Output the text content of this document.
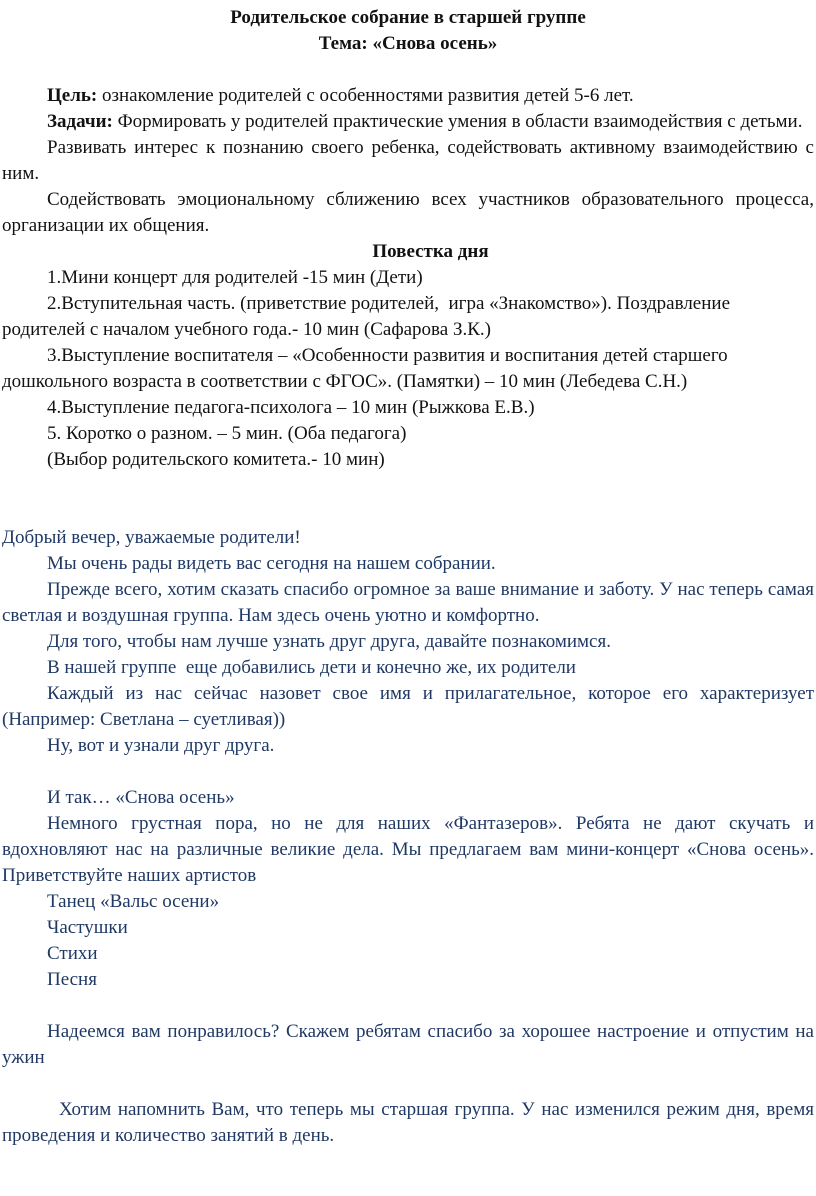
Родительское собрание в старшей группе

Тема: «Снова осень»

Цель: ознакомление родителей с особенностями развития детей 5-6 лет.

Задачи: Формировать у родителей практические умения в области взаимодействия с детьми.

Развивать интерес к познанию своего ребенка, содействовать активному взаимодействию с ним.

Содействовать эмоциональному сближению всех участников образовательного процесса, организации их общения.

Повестка дня

1.Мини концерт для родителей -15 мин (Дети)

2.Вступительная часть. (приветствие родителей,  игра «Знакомство»). Поздравление родителей с началом учебного года.- 10 мин (Сафарова З.К.)

3.Выступление воспитателя – «Особенности развития и воспитания детей старшего дошкольного возраста в соответствии с ФГОС». (Памятки) – 10 мин (Лебедева С.Н.)

4.Выступление педагога-психолога – 10 мин (Рыжкова Е.В.)

5. Коротко о разном. – 5 мин. (Оба педагога)

(Выбор родительского комитета.- 10 мин)

Добрый вечер, уважаемые родители!

Мы очень рады видеть вас сегодня на нашем собрании.

Прежде всего, хотим сказать спасибо огромное за ваше внимание и заботу. У нас теперь самая светлая и воздушная группа. Нам здесь очень уютно и комфортно.

Для того, чтобы нам лучше узнать друг друга, давайте познакомимся.

В нашей группе  еще добавились дети и конечно же, их родители

Каждый из нас сейчас назовет свое имя и прилагательное, которое его характеризует (Например: Светлана – суетливая))

Ну, вот и узнали друг друга.

И так… «Снова осень»

Немного грустная пора, но не для наших «Фантазеров». Ребята не дают скучать и вдохновляют нас на различные великие дела. Мы предлагаем вам мини-концерт «Снова осень». Приветствуйте наших артистов

Танец «Вальс осени»

Частушки

Стихи

Песня

Надеемся вам понравилось? Скажем ребятам спасибо за хорошее настроение и отпустим на ужин

Хотим напомнить Вам, что теперь мы старшая группа. У нас изменился режим дня, время проведения и количество занятий в день.
